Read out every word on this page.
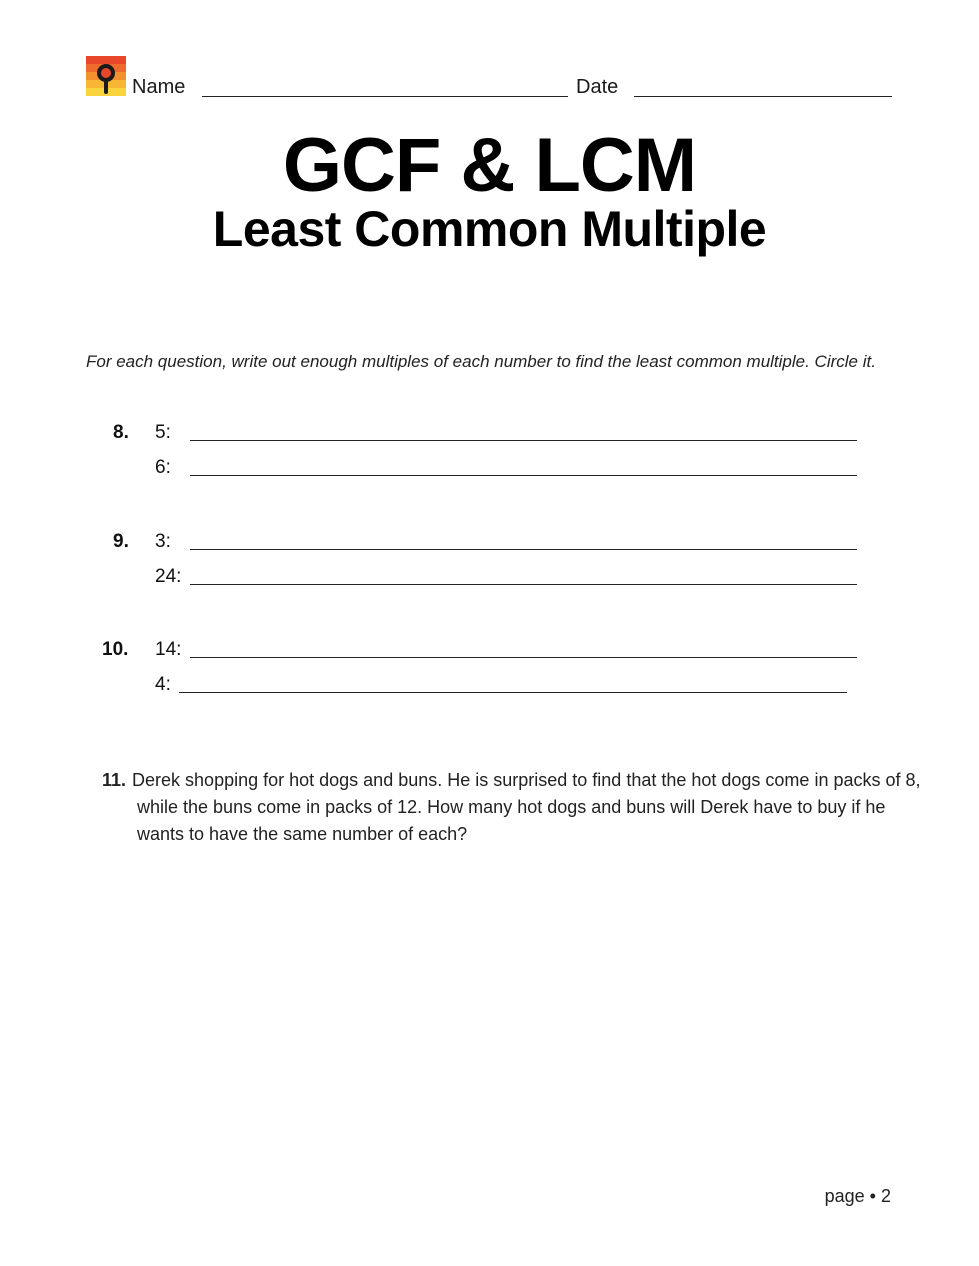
Name	Date
GCF & LCM
Least Common Multiple
For each question, write out enough multiples of each number to find the least common multiple. Circle it.
8. 5:
6:
9. 3:
24:
10. 14:
4:
11. Derek shopping for hot dogs and buns. He is surprised to find that the hot dogs come in packs of 8, while the buns come in packs of 12. How many hot dogs and buns will Derek have to buy if he wants to have the same number of each?
page • 2
